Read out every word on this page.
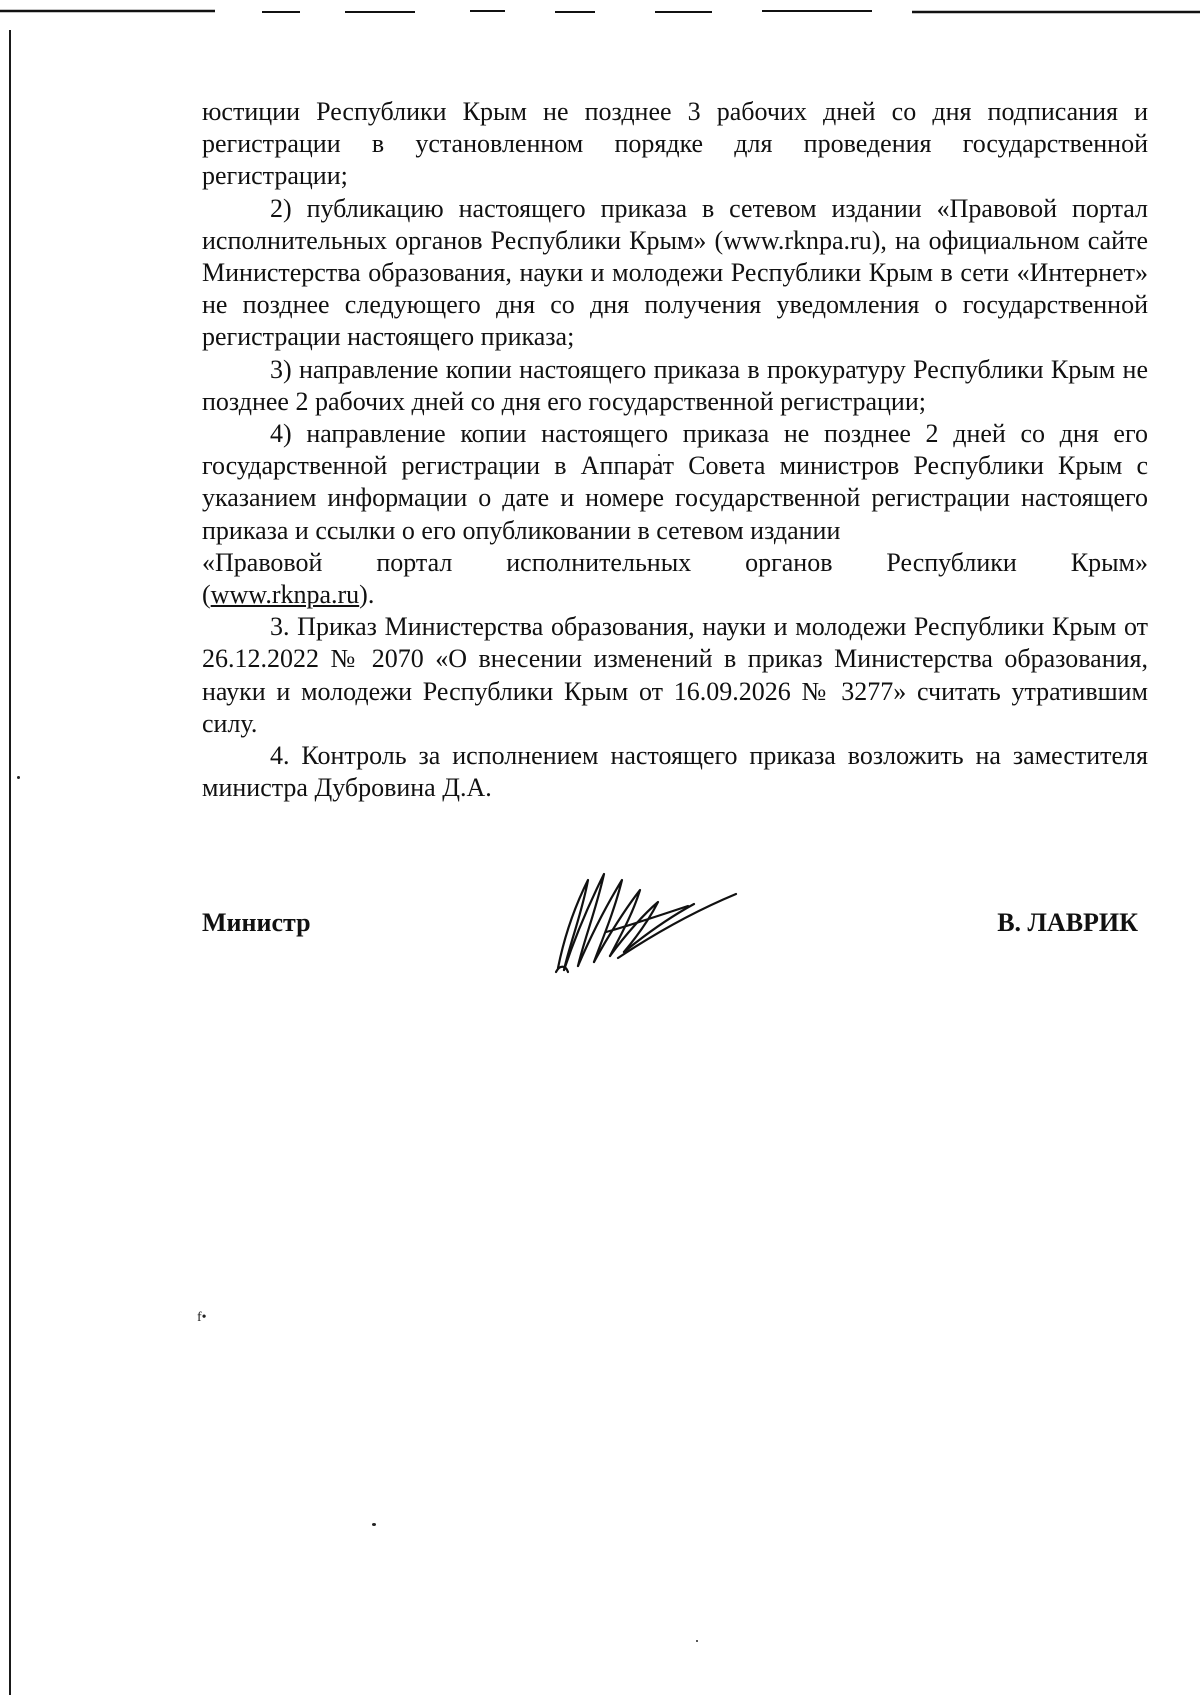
юстиции Республики Крым не позднее 3 рабочих дней со дня подписания и регистрации в установленном порядке для проведения государственной регистрации;

2) публикацию настоящего приказа в сетевом издании «Правовой портал исполнительных органов Республики Крым» (www.rknpa.ru), на официальном сайте Министерства образования, науки и молодежи Республики Крым в сети «Интернет» не позднее следующего дня со дня получения уведомления о государственной регистрации настоящего приказа;

3) направление копии настоящего приказа в прокуратуру Республики Крым не позднее 2 рабочих дней со дня его государственной регистрации;

4) направление копии настоящего приказа не позднее 2 дней со дня его государственной регистрации в Аппарат Совета министров Республики Крым с указанием информации о дате и номере государственной регистрации настоящего приказа и ссылки о его опубликовании в сетевом издании

«Правовой портал исполнительных органов Республики Крым»

(www.rknpa.ru).

3. Приказ Министерства образования, науки и молодежи Республики Крым от 26.12.2022 № 2070 «О внесении изменений в приказ Министерства образования, науки и молодежи Республики Крым от 16.09.2026 № 3277» считать утратившим силу.

4. Контроль за исполнением настоящего приказа возложить на заместителя министра Дубровина Д.А.

Министр	В. ЛАВРИК
f•
